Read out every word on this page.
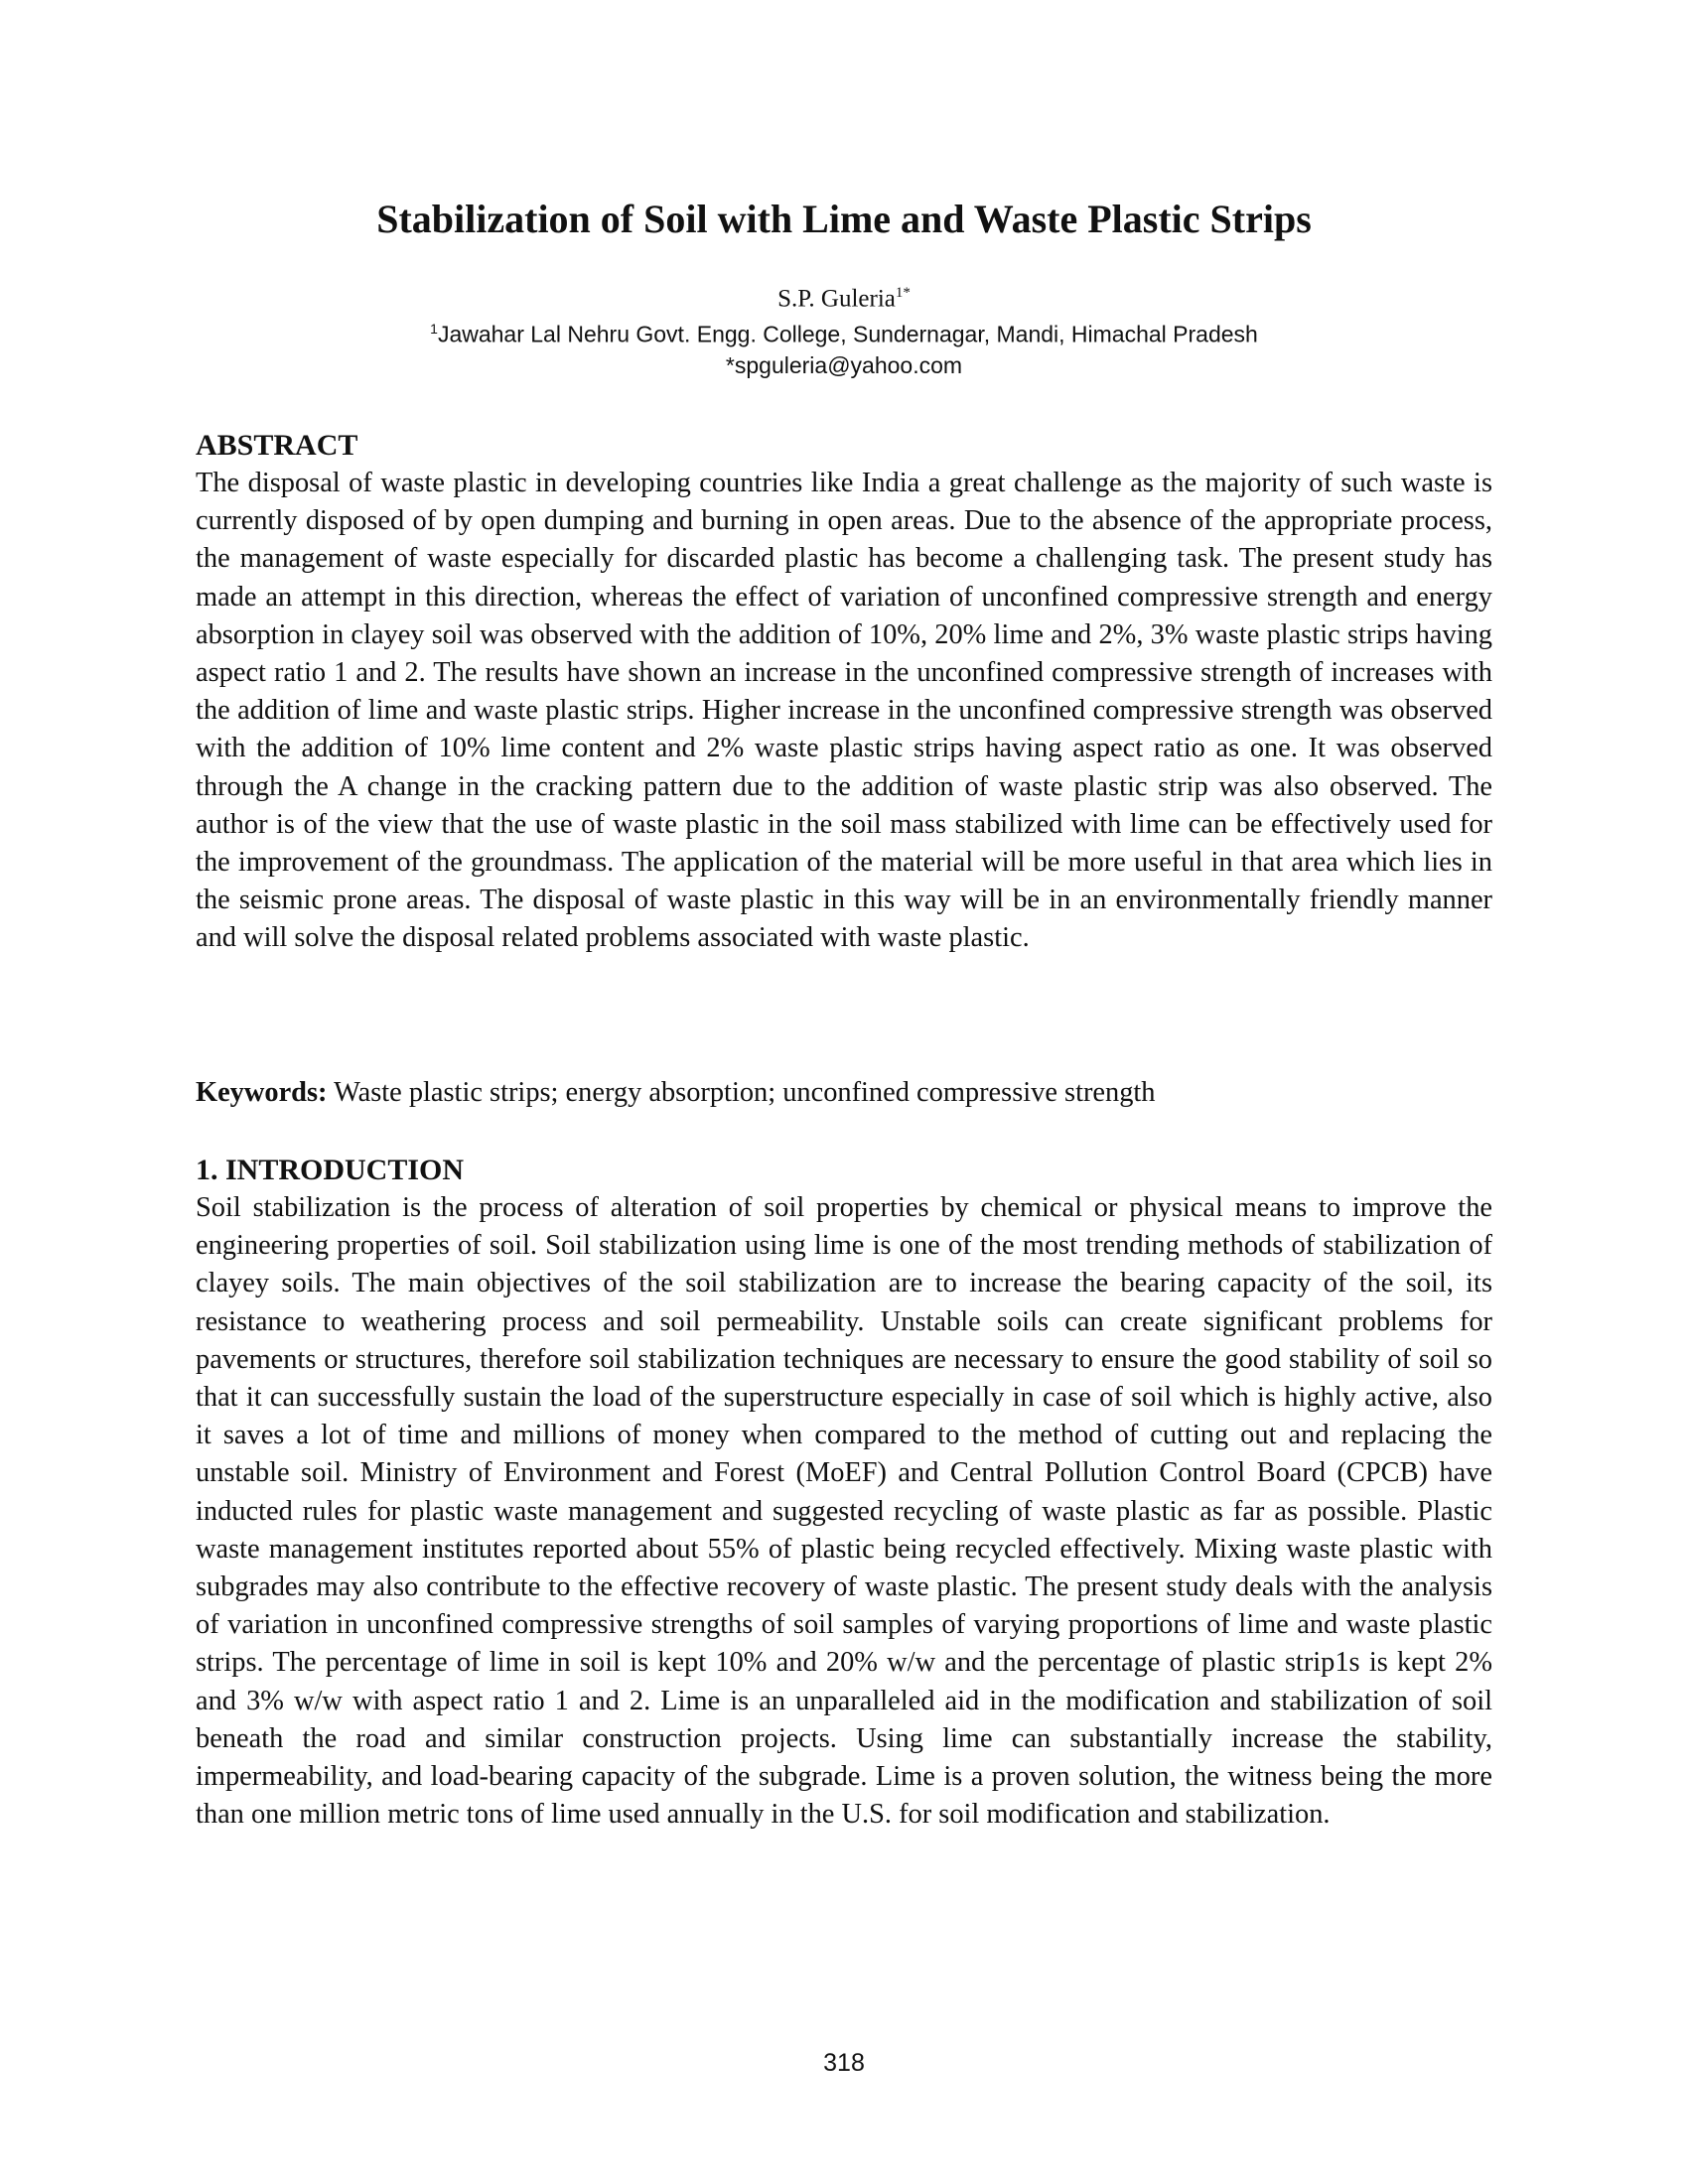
Stabilization of Soil with Lime and Waste Plastic Strips
S.P. Guleria$^{1*}$
$^1$Jawahar Lal Nehru Govt. Engg. College, Sundernagar, Mandi, Himachal Pradesh
*spguleria@yahoo.com

ABSTRACT

The disposal of waste plastic in developing countries like India a great challenge as the majority of such waste is currently disposed of by open dumping and burning in open areas. Due to the absence of the appropriate process, the management of waste especially for discarded plastic has become a challenging task. The present study has made an attempt in this direction, whereas the effect of variation of unconfined compressive strength and energy absorption in clayey soil was observed with the addition of 10%, 20% lime and 2%, 3% waste plastic strips having aspect ratio 1 and 2. The results have shown an increase in the unconfined compressive strength of increases with the addition of lime and waste plastic strips. Higher increase in the unconfined compressive strength was observed with the addition of 10% lime content and 2% waste plastic strips having aspect ratio as one. It was observed through the A change in the cracking pattern due to the addition of waste plastic strip was also observed. The author is of the view that the use of waste plastic in the soil mass stabilized with lime can be effectively used for the improvement of the groundmass. The application of the material will be more useful in that area which lies in the seismic prone areas. The disposal of waste plastic in this way will be in an environmentally friendly manner and will solve the disposal related problems associated with waste plastic.

Keywords: Waste plastic strips; energy absorption; unconfined compressive strength

1. INTRODUCTION

Soil stabilization is the process of alteration of soil properties by chemical or physical means to improve the engineering properties of soil. Soil stabilization using lime is one of the most trending methods of stabilization of clayey soils. The main objectives of the soil stabilization are to increase the bearing capacity of the soil, its resistance to weathering process and soil permeability. Unstable soils can create significant problems for pavements or structures, therefore soil stabilization techniques are necessary to ensure the good stability of soil so that it can successfully sustain the load of the superstructure especially in case of soil which is highly active, also it saves a lot of time and millions of money when compared to the method of cutting out and replacing the unstable soil. Ministry of Environment and Forest (MoEF) and Central Pollution Control Board (CPCB) have inducted rules for plastic waste management and suggested recycling of waste plastic as far as possible. Plastic waste management institutes reported about 55% of plastic being recycled effectively. Mixing waste plastic with subgrades may also contribute to the effective recovery of waste plastic. The present study deals with the analysis of variation in unconfined compressive strengths of soil samples of varying proportions of lime and waste plastic strips. The percentage of lime in soil is kept 10% and 20% w/w and the percentage of plastic strip1s is kept 2% and 3% w/w with aspect ratio 1 and 2. Lime is an unparalleled aid in the modification and stabilization of soil beneath the road and similar construction projects. Using lime can substantially increase the stability, impermeability, and load-bearing capacity of the subgrade. Lime is a proven solution, the witness being the more than one million metric tons of lime used annually in the U.S. for soil modification and stabilization.

318
